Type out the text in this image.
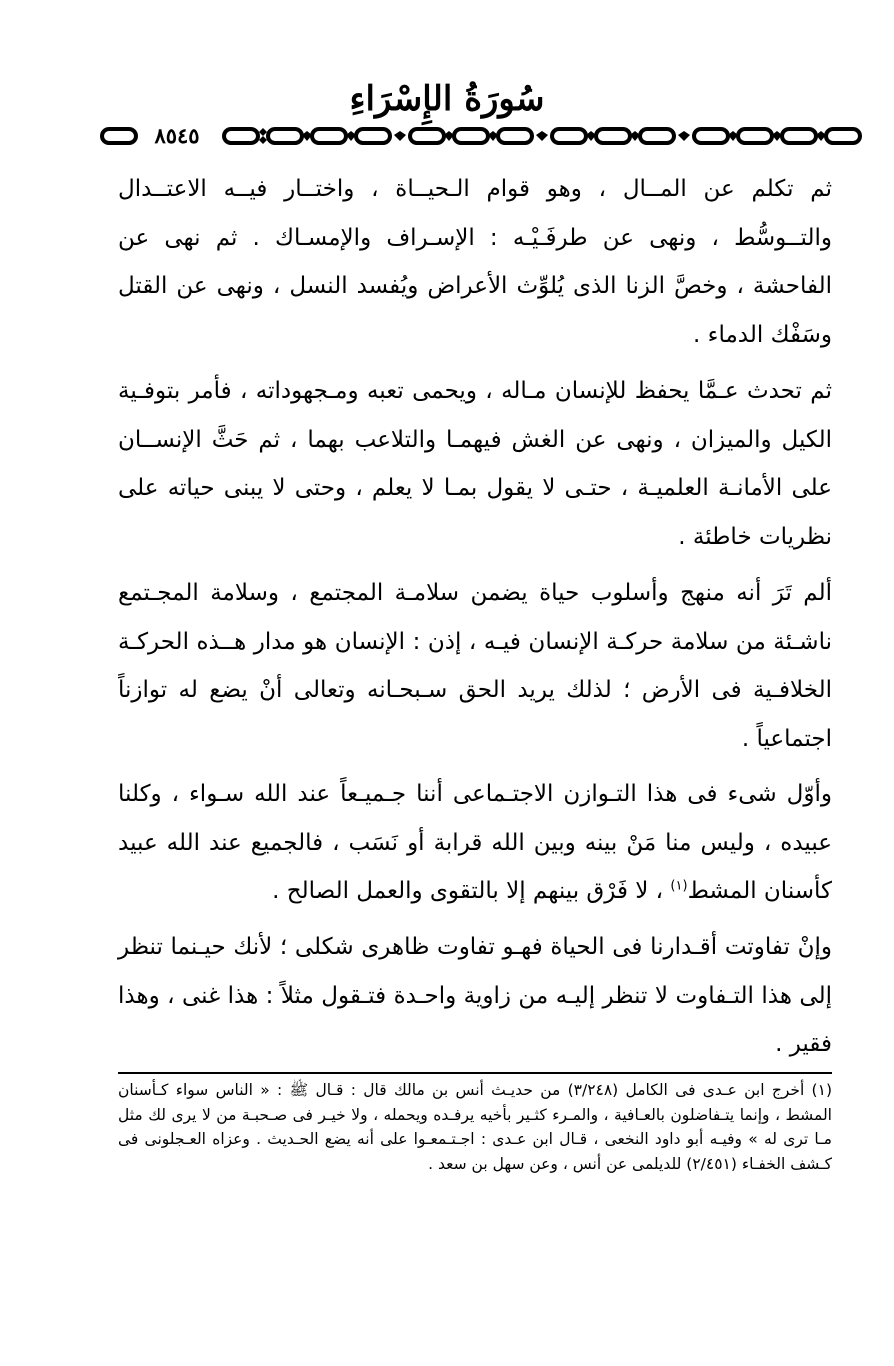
سُورَةُ الإِسْرَاءِ
٨٥٤٥

ثم تكلم عن المــال ، وهو قوام الـحيــاة ، واختــار فيــه الاعتــدال والتــوسُّط ، ونهى عن طرفَـيْـه : الإسـراف والإمسـاك . ثم نهى عن الفاحشة ، وخصَّ الزنا الذى يُلوِّث الأعراض ويُفسد النسل ، ونهى عن القتل وسَفْك الدماء .

ثم تحدث عـمَّا يحفظ للإنسان مـاله ، ويحمى تعبه ومـجهوداته ، فأمر بتوفـية الكيل والميزان ، ونهى عن الغش فيهمـا والتلاعب بهما ، ثم حَثَّ الإنســان على الأمانـة العلميـة ، حتـى لا يقول بمـا لا يعلم ، وحتى لا يبنى حياته على نظريات خاطئة .

ألم تَرَ أنه منهج وأسلوب حياة يضمن سلامـة المجتمع ، وسلامة المجـتمع ناشـئة من سلامة حركـة الإنسان فيـه ، إذن : الإنسان هو مدار هــذه الحركـة الخلافـية فى الأرض ؛ لذلك يريد الحق سـبحـانه وتعالى أنْ يضع له توازناً اجتماعياً .

وأوّل شىء فى هذا التـوازن الاجتـماعى أننا جـميـعاً عند الله سـواء ، وكلنا عبيده ، وليس منا مَنْ بينه وبين الله قرابة أو نَسَب ، فالجميع عند الله عبيد كأسنان المشط$^{(١)}$ ، لا فَرْق بينهم إلا بالتقوى والعمل الصالح .

وإنْ تفاوتت أقـدارنا فى الحياة فهـو تفاوت ظاهرى شكلى ؛ لأنك حيـنما تنظر إلى هذا التـفاوت لا تنظر إليـه من زاوية واحـدة فتـقول مثلاً : هذا غنى ، وهذا فقير .

(١) أخرج ابن عـدى فى الكامل (٣/٢٤٨) من حديـث أنس بن مالك قال : قـال ﷺ : « الناس سواء كـأسنان المشط ، وإنما يتـفاضلون بالعـافية ، والمـرء كثـير بأخيه يرفـده ويحمله ، ولا خيـر فى صـحبـة من لا يرى لك مثل مـا ترى له » وفيـه أبو داود النخعى ، قـال ابن عـدى : اجـتـمعـوا على أنه يضع الحـديث . وعزاه العـجلونى فى كـشف الخفـاء (٢/٤٥١) للديلمى عن أنس ، وعن سهل بن سعد .
